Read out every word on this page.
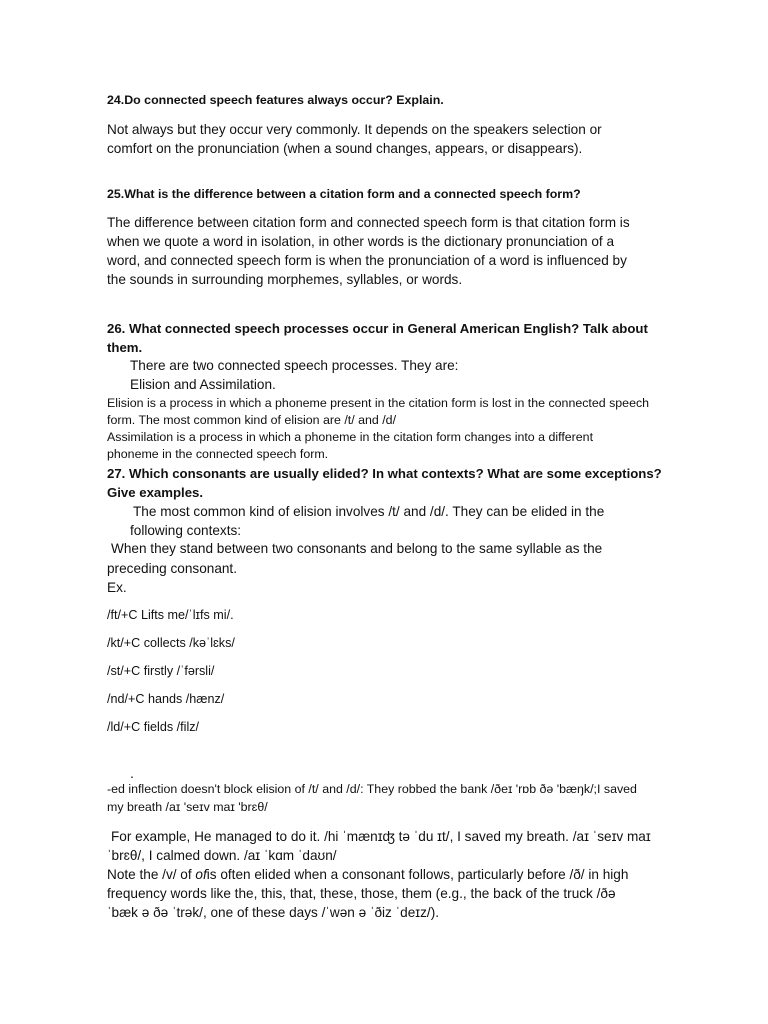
24.Do connected speech features always occur? Explain.

Not always but they occur very commonly. It depends on the speakers selection or

comfort on the pronunciation (when a sound changes, appears, or disappears).

25.What is the difference between a citation form and a connected speech form?

The difference between citation form and connected speech form is that citation form is

when we quote a word in isolation, in other words is the dictionary pronunciation of a

word, and connected speech form is when the pronunciation of a word is influenced by

the sounds in surrounding morphemes, syllables, or words.

26. What connected speech processes occur in General American English? Talk about

them.

There are two connected speech processes. They are:

Elision and Assimilation.

Elision is a process in which a phoneme present in the citation form is lost in the connected speech

form. The most common kind of elision are /t/ and /d/

Assimilation is a process in which a phoneme in the citation form changes into a different

phoneme in the connected speech form.

27. Which consonants are usually elided? In what contexts? What are some exceptions?

Give examples.

The most common kind of elision involves /t/ and /d/. They can be elided in the

following contexts:

When they stand between two consonants and belong to the same syllable as the

preceding consonant.

Ex.

/ft/+C Lifts me/ˈlɪfs mi/.

/kt/+C collects /kəˈlɛks/

/st/+C firstly /ˈfərsli/

/nd/+C hands /hænz/

/ld/+C fields /filz/

.

-ed inflection doesn't block elision of /t/ and /d/: They robbed the bank /ðeɪ 'rɒb ðə 'bæŋk/;I saved

my breath /aɪ 'seɪv maɪ 'brɛθ/

For example, He managed to do it. /hi ˈmænɪʤ tə ˈdu ɪt/, I saved my breath. /aɪ ˈseɪv maɪ

ˈbrɛθ/, I calmed down. /aɪ ˈkɑm ˈdaʊn/

Note the /v/ of ofis often elided when a consonant follows, particularly before /ð/ in high

frequency words like the, this, that, these, those, them (e.g., the back of the truck /ðə

ˈbæk ə ðə ˈtrək/, one of these days /ˈwən ə ˈðiz ˈdeɪz/).
